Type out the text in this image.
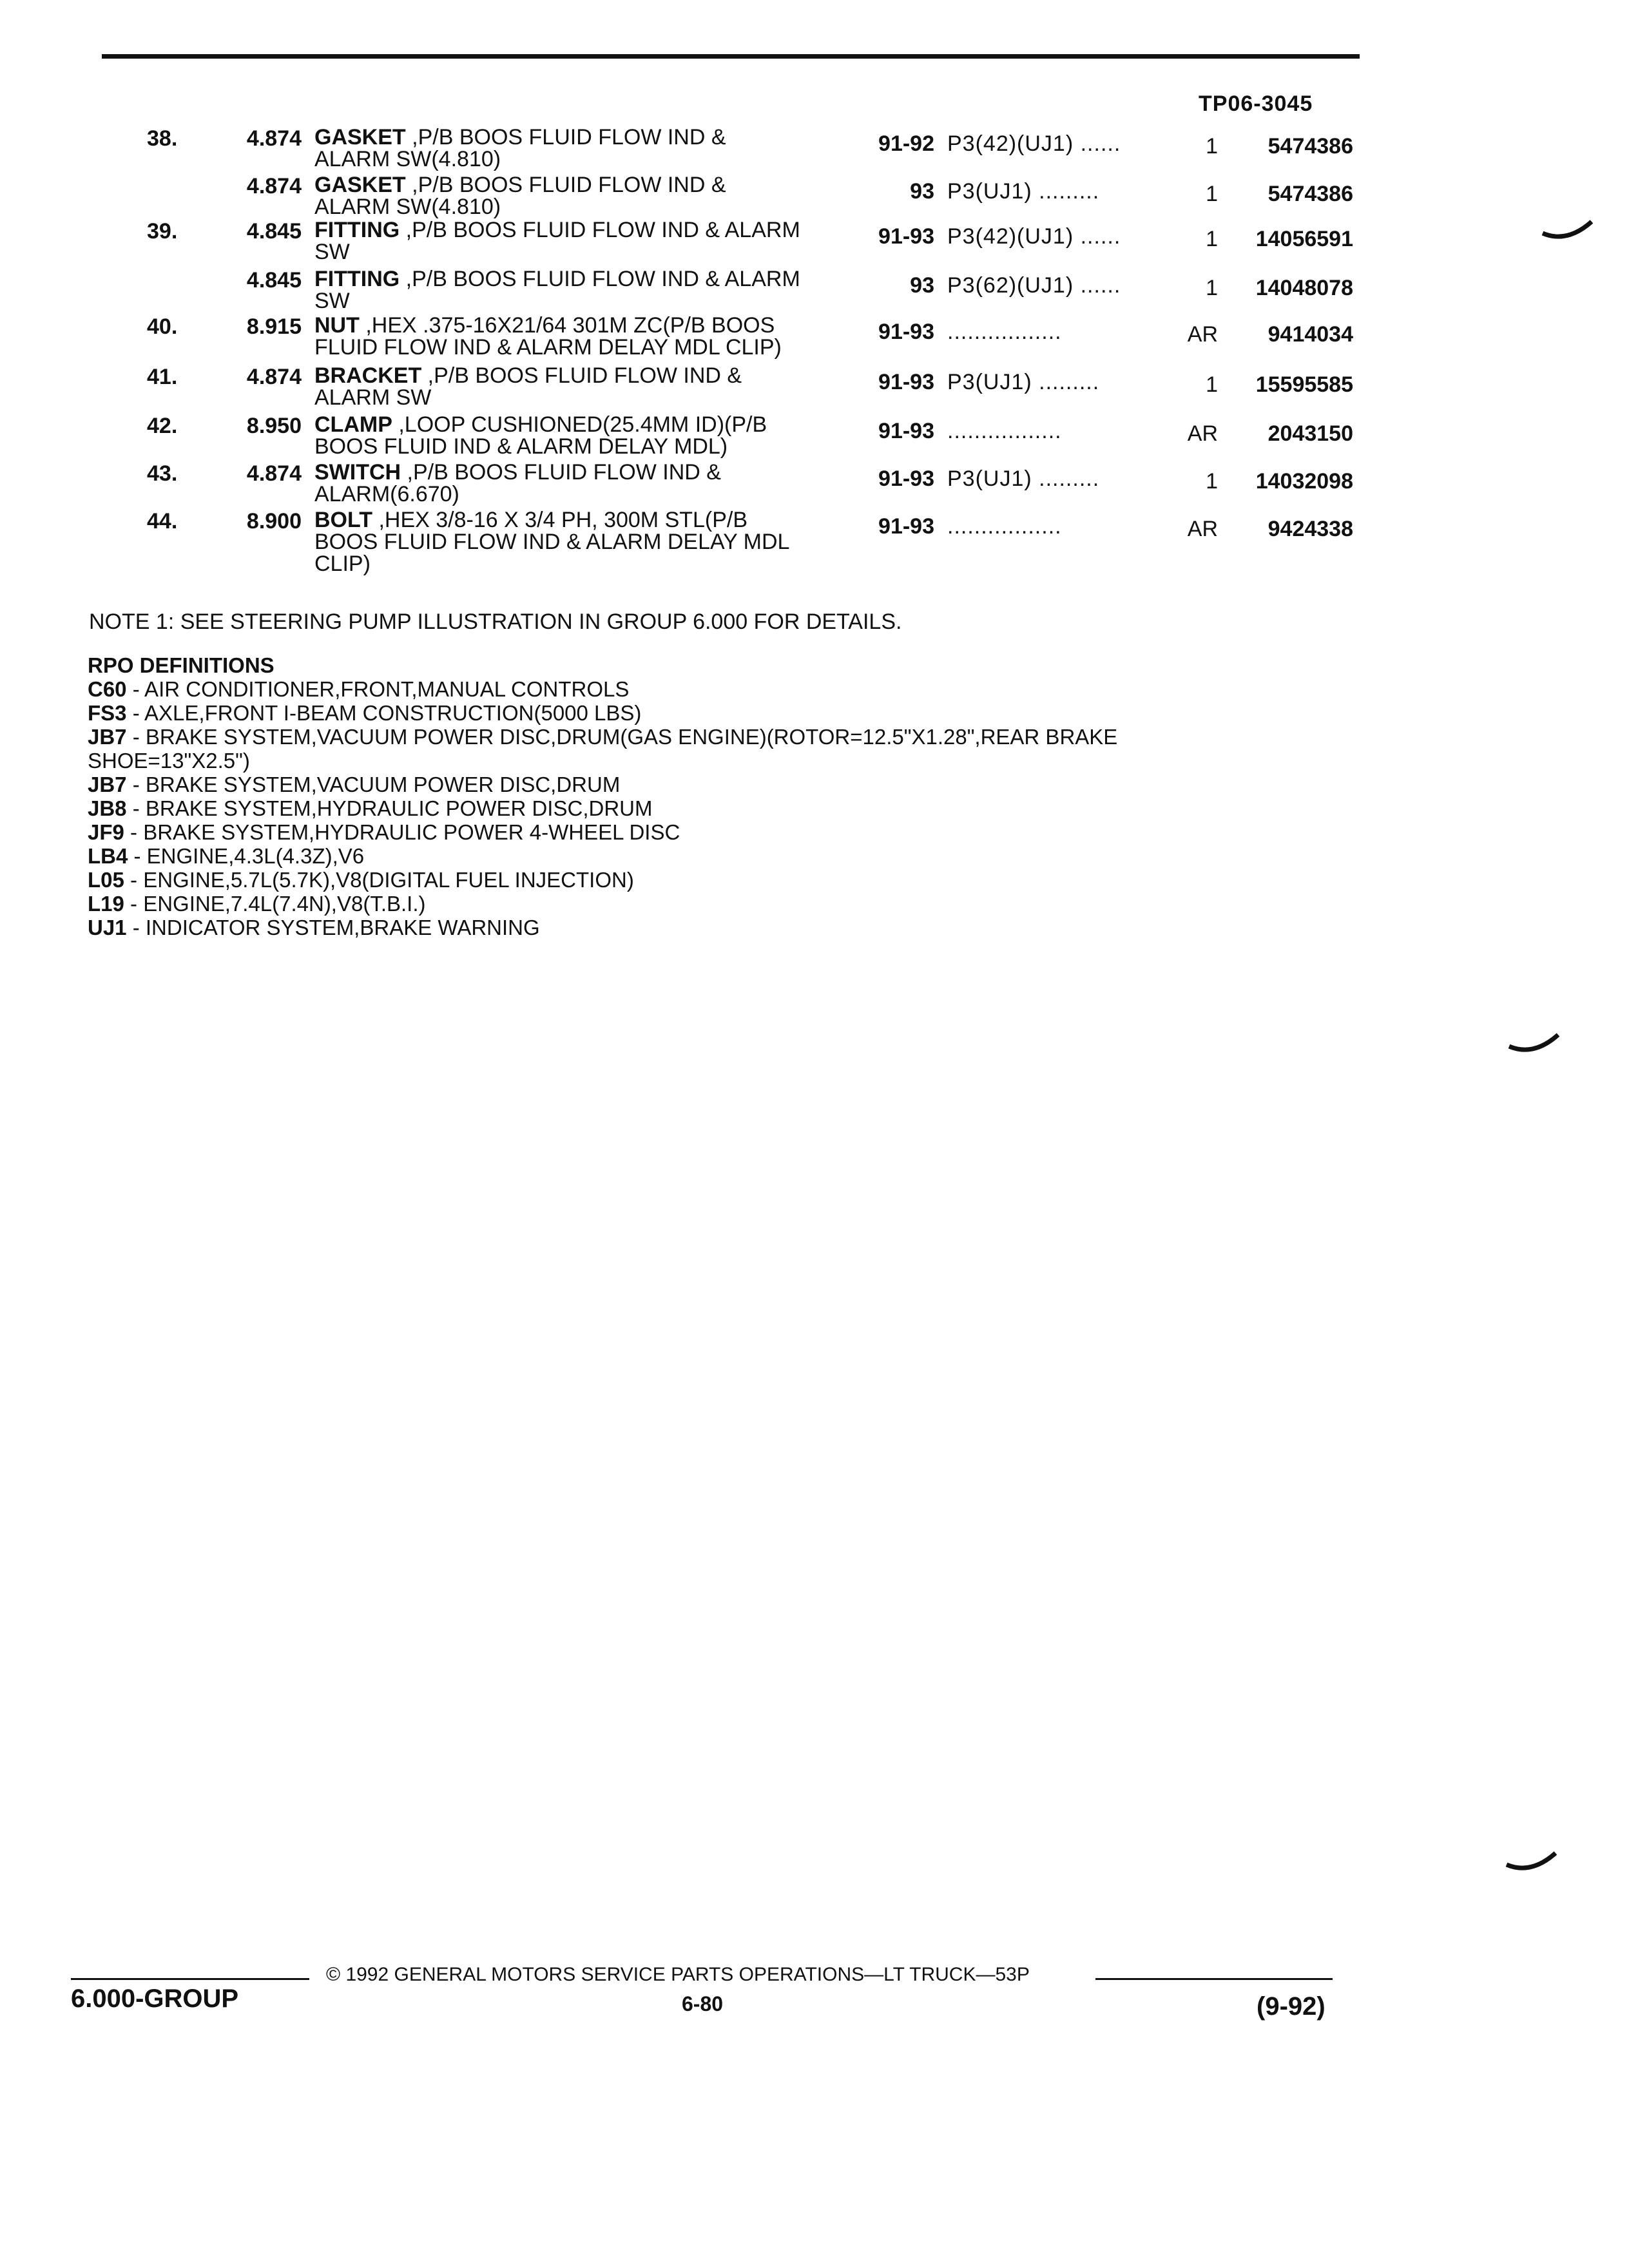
TP06-3045
38.	4.874 GASKET ,P/B BOOS FLUID FLOW IND &
ALARM SW(4.810)
91-92 P3(42)(UJ1) ......	1	5474386
4.874 GASKET ,P/B BOOS FLUID FLOW IND &
ALARM SW(4.810)
93 P3(UJ1) .........	1	5474386
39.	4.845 FITTING ,P/B BOOS FLUID FLOW IND & ALARM
SW
91-93 P3(42)(UJ1) ......	1	14056591
4.845 FITTING ,P/B BOOS FLUID FLOW IND & ALARM
SW
93 P3(62)(UJ1) ......	1	14048078
40.	8.915 NUT ,HEX .375-16X21/64 301M ZC(P/B BOOS
FLUID FLOW IND & ALARM DELAY MDL CLIP)
91-93 .................	AR	9414034
41.	4.874 BRACKET ,P/B BOOS FLUID FLOW IND &
ALARM SW
91-93 P3(UJ1) .........	1	15595585
42.	8.950 CLAMP ,LOOP CUSHIONED(25.4MM ID)(P/B
BOOS FLUID IND & ALARM DELAY MDL)
91-93 .................	AR	2043150
43.	4.874 SWITCH ,P/B BOOS FLUID FLOW IND &
ALARM(6.670)
91-93 P3(UJ1) .........	1	14032098
44.	8.900 BOLT ,HEX 3/8-16 X 3/4 PH, 300M STL(P/B
BOOS FLUID FLOW IND & ALARM DELAY MDL
CLIP)
91-93 .................	AR	9424338
NOTE 1: SEE STEERING PUMP ILLUSTRATION IN GROUP 6.000 FOR DETAILS.
RPO DEFINITIONS
C60 - AIR CONDITIONER,FRONT,MANUAL CONTROLS
FS3 - AXLE,FRONT I-BEAM CONSTRUCTION(5000 LBS)
JB7 - BRAKE SYSTEM,VACUUM POWER DISC,DRUM(GAS ENGINE)(ROTOR=12.5"X1.28",REAR BRAKE SHOE=13"X2.5")
JB7 - BRAKE SYSTEM,VACUUM POWER DISC,DRUM
JB8 - BRAKE SYSTEM,HYDRAULIC POWER DISC,DRUM
JF9 - BRAKE SYSTEM,HYDRAULIC POWER 4-WHEEL DISC
LB4 - ENGINE,4.3L(4.3Z),V6
L05 - ENGINE,5.7L(5.7K),V8(DIGITAL FUEL INJECTION)
L19 - ENGINE,7.4L(7.4N),V8(T.B.I.)
UJ1 - INDICATOR SYSTEM,BRAKE WARNING
6.000-GROUP
© 1992 GENERAL MOTORS SERVICE PARTS OPERATIONS—LT TRUCK—53P
6-80	(9-92)
